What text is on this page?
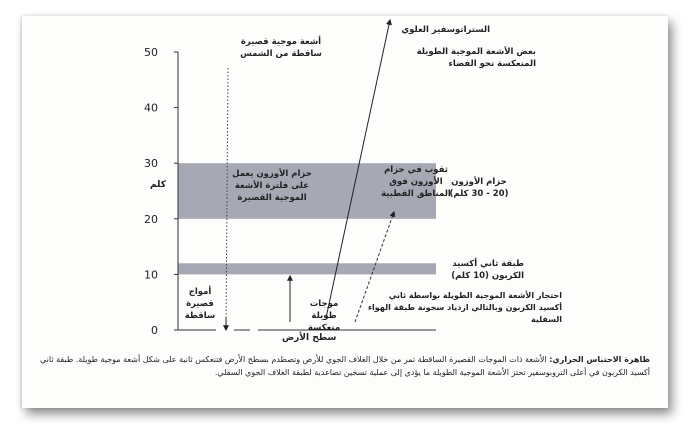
0
10
20
30
40
50
كلم
سطح الأرض
الستراتوسفير العلوي
بعض الأشعة الموجية الطويلة المنعكسة نحو الفضاء
أشعة موجية قصيرة ساقطة من الشمس
حزام الأوزون يعمل على فلترة الأشعة الموجية القصيرة
ثقوب في حزام الأوزون فوق المناطق القطبية
حزام الأوزون (20 - 30 كلم)
طبقة ثاني أكسيد الكربون (10 كلم)
احتجاز الأشعة الموجية الطويلة بواسطة ثاني أكسيد الكربون وبالتالي ازدياد سخونة طبقة الهواء السفلية
أمواج قصيرة ساقطة
موجات طويلة منعكسة
ظاهرة الاحتباس الحراري: الأشعة ذات الموجات القصيرة الساقطة تمر من خلال الغلاف الجوي للأرض وتصطدم بسطح الأرض فتنعكس ثانية على شكل أشعة موجية طويلة. طبقة ثاني أكسيد الكربون في أعلى التروبوسفير تحتز الأشعة الموجية الطويلة ما يؤدي إلى عملية تسخين تصاعدية لطبقة الغلاف الجوي السفلي.
